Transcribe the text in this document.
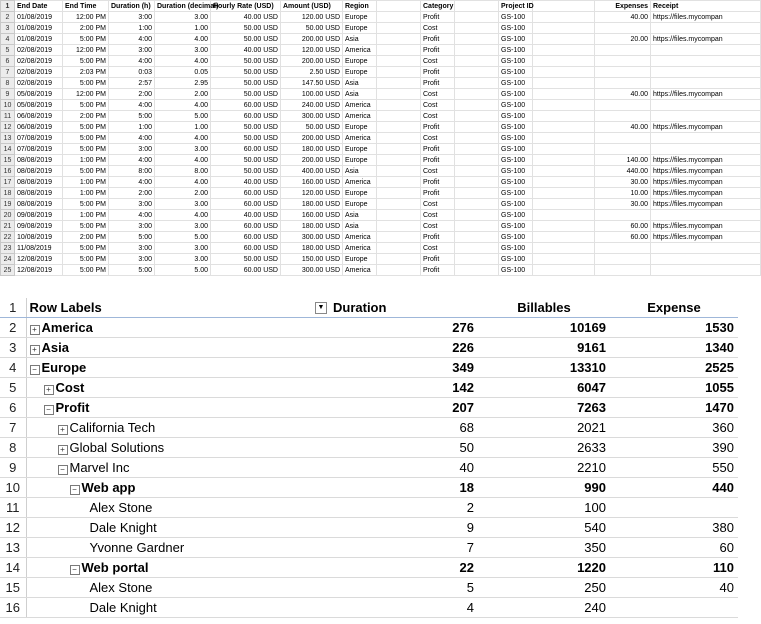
1	End Date	End Time	Duration (h)	Duration (decimal)	Hourly Rate (USD)	Amount (USD)	Region		Category		Project ID		Expenses	Receipt
2	01/08/2019	12:00 PM	3:00	3.00	40.00 USD	120.00 USD	Europe		Profit		GS-100		40.00	https://files.mycompan
3	01/08/2019	2:00 PM	1:00	1.00	50.00 USD	50.00 USD	Europe		Cost		GS-100			
4	01/08/2019	5:00 PM	4:00	4.00	50.00 USD	200.00 USD	Asia		Profit		GS-100		20.00	https://files.mycompan
5	02/08/2019	12:00 PM	3:00	3.00	40.00 USD	120.00 USD	America		Profit		GS-100			
6	02/08/2019	5:00 PM	4:00	4.00	50.00 USD	200.00 USD	Europe		Cost		GS-100			
7	02/08/2019	2:03 PM	0:03	0.05	50.00 USD	2.50 USD	Europe		Profit		GS-100			
8	02/08/2019	5:00 PM	2:57	2.95	50.00 USD	147.50 USD	Asia		Profit		GS-100			
9	05/08/2019	12:00 PM	2:00	2.00	50.00 USD	100.00 USD	Asia		Cost		GS-100		40.00	https://files.mycompan
10	05/08/2019	5:00 PM	4:00	4.00	60.00 USD	240.00 USD	America		Cost		GS-100			
11	06/08/2019	2:00 PM	5:00	5.00	60.00 USD	300.00 USD	America		Cost		GS-100			
12	06/08/2019	5:00 PM	1:00	1.00	50.00 USD	50.00 USD	Europe		Profit		GS-100		40.00	https://files.mycompan
13	07/08/2019	5:00 PM	4:00	4.00	50.00 USD	200.00 USD	America		Cost		GS-100			
14	07/08/2019	5:00 PM	3:00	3.00	60.00 USD	180.00 USD	Europe		Profit		GS-100			
15	08/08/2019	1:00 PM	4:00	4.00	50.00 USD	200.00 USD	Europe		Profit		GS-100		140.00	https://files.mycompan
16	08/08/2019	5:00 PM	8:00	8.00	50.00 USD	400.00 USD	Asia		Cost		GS-100		440.00	https://files.mycompan
17	08/08/2019	1:00 PM	4:00	4.00	40.00 USD	160.00 USD	America		Profit		GS-100		30.00	https://files.mycompan
18	08/08/2019	1:00 PM	2:00	2.00	60.00 USD	120.00 USD	Europe		Profit		GS-100		10.00	https://files.mycompan
19	08/08/2019	5:00 PM	3:00	3.00	60.00 USD	180.00 USD	Europe		Cost		GS-100		30.00	https://files.mycompan
20	09/08/2019	1:00 PM	4:00	4.00	40.00 USD	160.00 USD	Asia		Cost		GS-100			
21	09/08/2019	5:00 PM	3:00	3.00	60.00 USD	180.00 USD	Asia		Cost		GS-100		60.00	https://files.mycompan
22	10/08/2019	2:00 PM	5:00	5.00	60.00 USD	300.00 USD	America		Profit		GS-100		60.00	https://files.mycompan
23	11/08/2019	5:00 PM	3:00	3.00	60.00 USD	180.00 USD	America		Cost		GS-100			
24	12/08/2019	5:00 PM	3:00	3.00	50.00 USD	150.00 USD	Europe		Profit		GS-100			
25	12/08/2019	5:00 PM	5:00	5.00	60.00 USD	300.00 USD	America		Profit		GS-100			
1	Row Labels ▼	Duration	Billables	Expense
2	+ America	276	10169	1530
3	+ Asia	226	9161	1340
4	− Europe	349	13310	2525
5	+ Cost	142	6047	1055
6	− Profit	207	7263	1470
7	+ California Tech	68	2021	360
8	+ Global Solutions	50	2633	390
9	− Marvel Inc	40	2210	550
10	− Web app	18	990	440
11	Alex Stone	2	100	
12	Dale Knight	9	540	380
13	Yvonne Gardner	7	350	60
14	− Web portal	22	1220	110
15	Alex Stone	5	250	40
16	Dale Knight	4	240	
